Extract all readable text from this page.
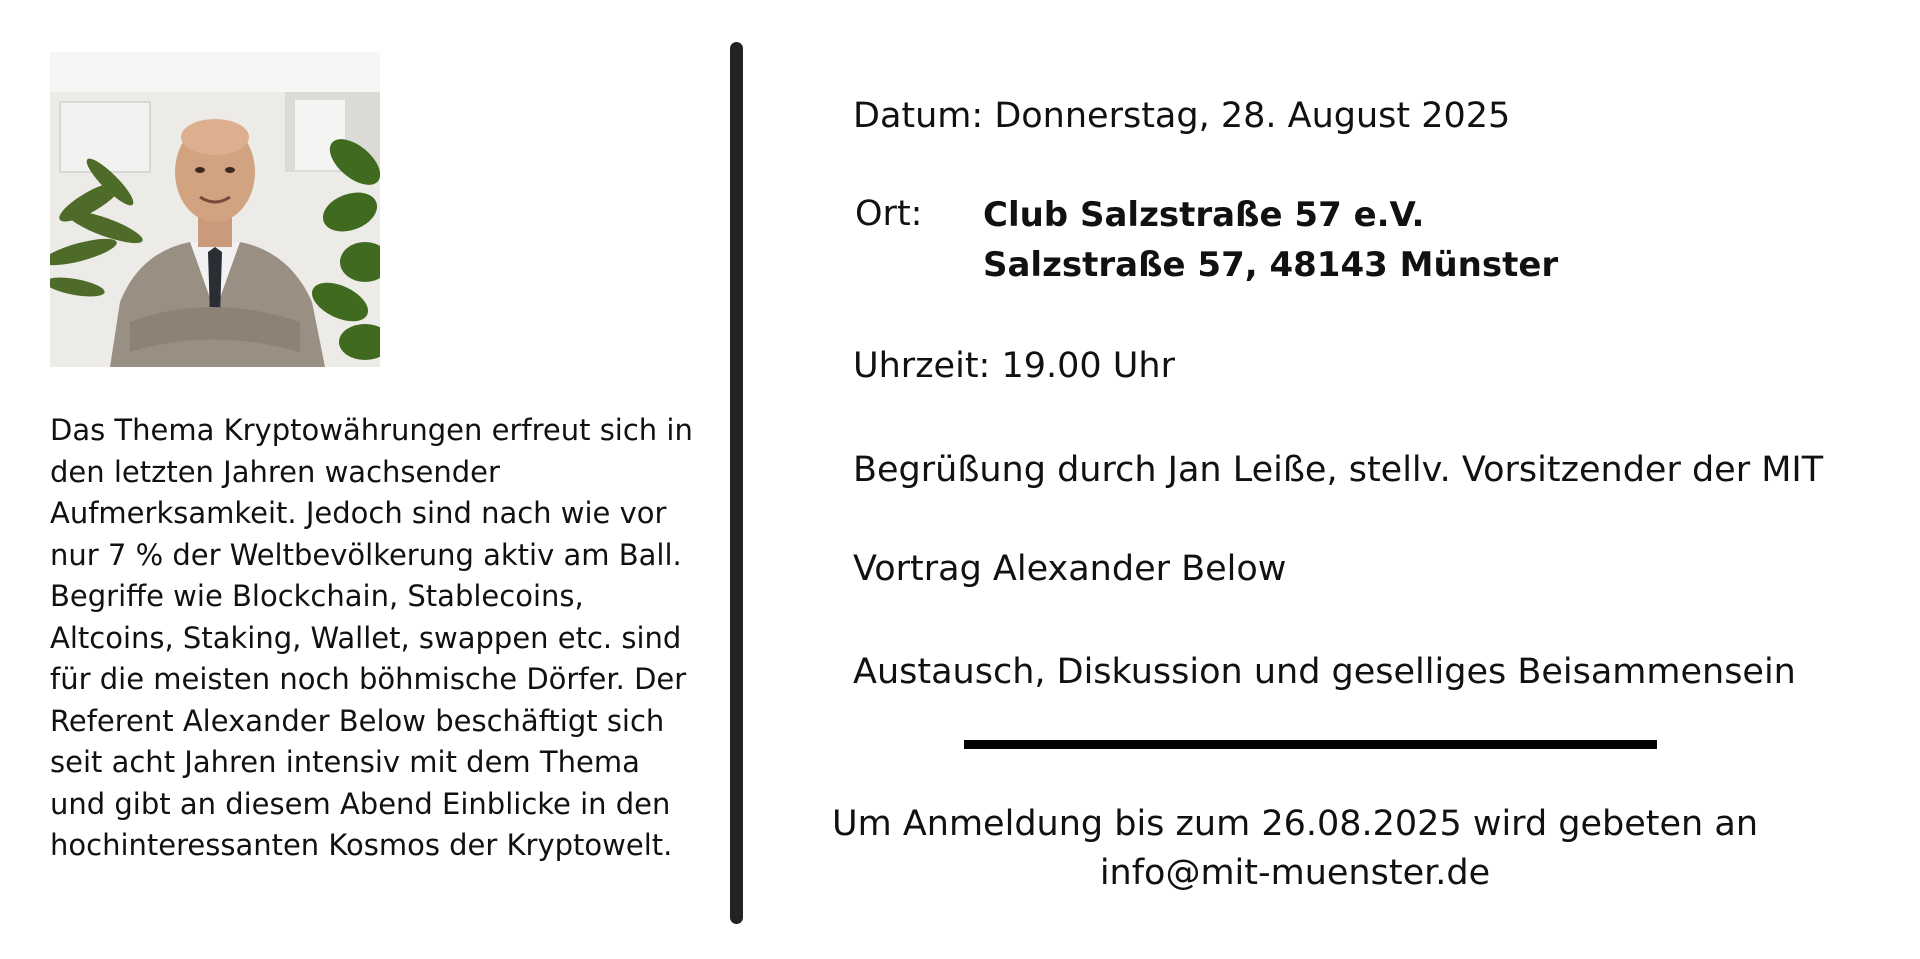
Das Thema Kryptowährungen erfreut sich in den letzten Jahren wachsender Aufmerksamkeit. Jedoch sind nach wie vor nur 7 % der Weltbevölkerung aktiv am Ball. Begriffe wie Blockchain, Stablecoins, Altcoins, Staking, Wallet, swappen etc. sind für die meisten noch böhmische Dörfer. Der Referent Alexander Below beschäftigt sich seit acht Jahren intensiv mit dem Thema und gibt an diesem Abend Einblicke in den hochinteressanten Kosmos der Kryptowelt.

Datum: Donnerstag, 28. August 2025
Ort: Club Salzstraße 57 e.V.
Salzstraße 57, 48143 Münster
Uhrzeit: 19.00 Uhr
Begrüßung durch Jan Leiße, stellv. Vorsitzender der MIT
Vortrag Alexander Below
Austausch, Diskussion und geselliges Beisammensein
Um Anmeldung bis zum 26.08.2025 wird gebeten an
info@mit-muenster.de
